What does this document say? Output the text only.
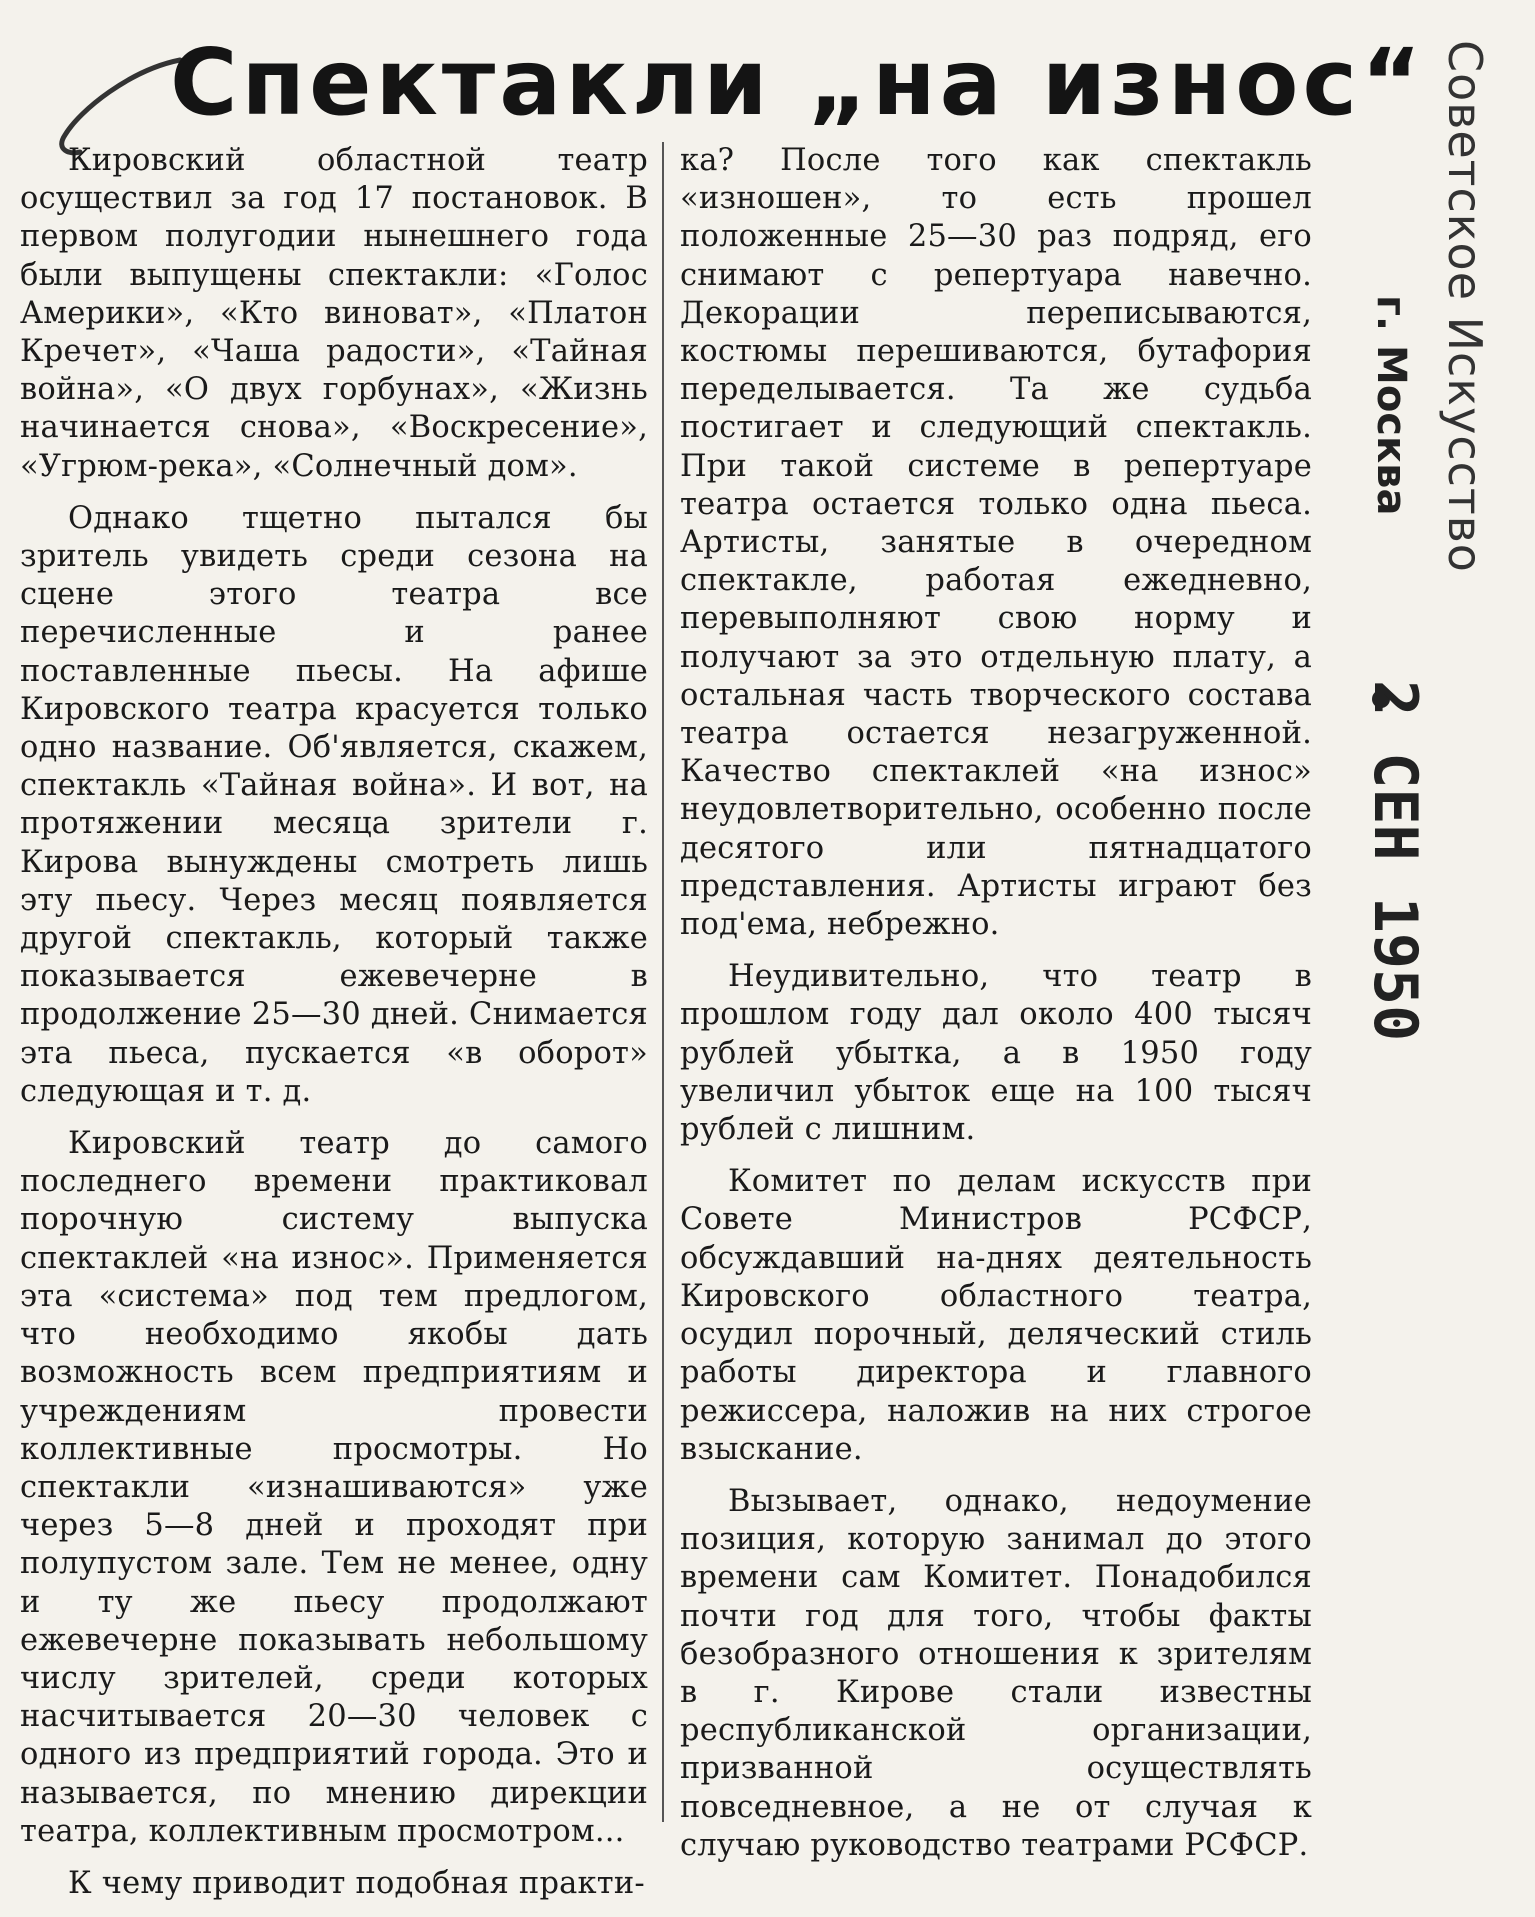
Спектакли „на износ“

Кировский областной театр осуществил за год 17 постановок. В первом полугодии нынешнего года были выпущены спектакли: «Голос Америки», «Кто виноват», «Платон Кречет», «Чаша радости», «Тайная война», «О двух горбунах», «Жизнь начинается снова», «Воскресение», «Угрюм-река», «Солнечный дом».

Однако тщетно пытался бы зритель увидеть среди сезона на сцене этого театра все перечисленные и ранее поставленные пьесы. На афише Кировского театра красуется только одно название. Об'является, скажем, спектакль «Тайная война». И вот, на протяжении месяца зрители г. Кирова вынуждены смотреть лишь эту пьесу. Через месяц появляется другой спектакль, который также показывается ежевечерне в продолжение 25—30 дней. Снимается эта пьеса, пускается «в оборот» следующая и т. д.

Кировский театр до самого последнего времени практиковал порочную систему выпуска спектаклей «на износ». Применяется эта «система» под тем предлогом, что необходимо якобы дать возможность всем предприятиям и учреждениям провести коллективные просмотры. Но спектакли «изнашиваются» уже через 5—8 дней и проходят при полупустом зале. Тем не менее, одну и ту же пьесу продолжают ежевечерне показывать небольшому числу зрителей, среди которых насчитывается 20—30 человек с одного из предприятий города. Это и называется, по мнению дирекции театра, коллективным просмотром...

К чему приводит подобная практи-

ка? После того как спектакль «изношен», то есть прошел положенные 25—30 раз подряд, его снимают с репертуара навечно. Декорации переписываются, костюмы перешиваются, бутафория переделывается. Та же судьба постигает и следующий спектакль. При такой системе в репертуаре театра остается только одна пьеса. Артисты, занятые в очередном спектакле, работая ежедневно, перевыполняют свою норму и получают за это отдельную плату, а остальная часть творческого состава театра остается незагруженной. Качество спектаклей «на износ» неудовлетворительно, особенно после десятого или пятнадцатого представления. Артисты играют без под'ема, небрежно.

Неудивительно, что театр в прошлом году дал около 400 тысяч рублей убытка, а в 1950 году увеличил убыток еще на 100 тысяч рублей с лишним.

Комитет по делам искусств при Совете Министров РСФСР, обсуждавший на-днях деятельность Кировского областного театра, осудил порочный, делячеcкий стиль работы директора и главного режиссера, наложив на них строгое взыскание.

Вызывает, однако, недоумение позиция, которую занимал до этого времени сам Комитет. Понадобился почти год для того, чтобы факты безобразного отношения к зрителям в г. Кирове стали известны республиканской организации, призванной осуществлять повседневное, а не от случая к случаю руководство театрами РСФСР.

Советское Искусство
г. Москва
2 СЕН 1950
